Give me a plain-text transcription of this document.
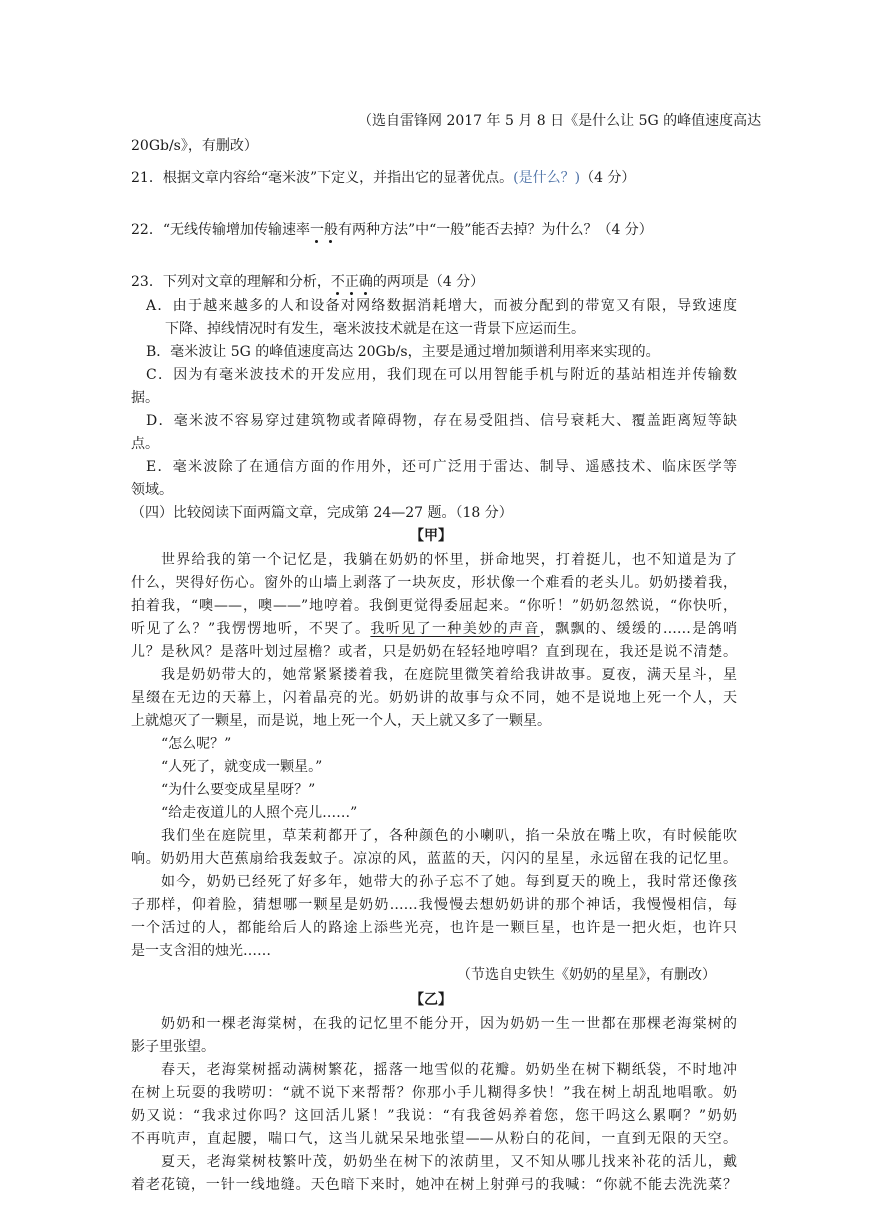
（选自雷锋网 2017 年 5 月 8 日《是什么让 5G 的峰值速度高达
20Gb/s》，有删改）
21．根据文章内容给“毫米波”下定义，并指出它的显著优点。(是什么？)（4 分）
22．“无线传输增加传输速率一般有两种方法”中“一般”能否去掉？为什么？（4 分）
23．下列对文章的理解和分析，不正确的两项是（4 分）
A．由于越来越多的人和设备对网络数据消耗增大，而被分配到的带宽又有限，导致速度
下降、掉线情况时有发生，毫米波技术就是在这一背景下应运而生。
B．毫米波让 5G 的峰值速度高达 20Gb/s，主要是通过增加频谱利用率来实现的。
C．因为有毫米波技术的开发应用，我们现在可以用智能手机与附近的基站相连并传输数
据。
D．毫米波不容易穿过建筑物或者障碍物，存在易受阻挡、信号衰耗大、覆盖距离短等缺
点。
E．毫米波除了在通信方面的作用外，还可广泛用于雷达、制导、遥感技术、临床医学等
领域。
（四）比较阅读下面两篇文章，完成第 24—27 题。（18 分）
【甲】
世界给我的第一个记忆是，我躺在奶奶的怀里，拼命地哭，打着挺儿，也不知道是为了
什么，哭得好伤心。窗外的山墙上剥落了一块灰皮，形状像一个难看的老头儿。奶奶搂着我，
拍着我，“噢——，噢——”地哼着。我倒更觉得委屈起来。“你听！”奶奶忽然说，“你快听，
听见了么？”我愣愣地听，不哭了。我听见了一种美妙的声音，飘飘的、缓缓的……是鸽哨
儿？是秋风？是落叶划过屋檐？或者，只是奶奶在轻轻地哼唱？直到现在，我还是说不清楚。
我是奶奶带大的，她常紧紧搂着我，在庭院里微笑着给我讲故事。夏夜，满天星斗，星
星缀在无边的天幕上，闪着晶亮的光。奶奶讲的故事与众不同，她不是说地上死一个人，天
上就熄灭了一颗星，而是说，地上死一个人，天上就又多了一颗星。
“怎么呢？”
“人死了，就变成一颗星。”
“为什么要变成星星呀？”
“给走夜道儿的人照个亮儿……”
我们坐在庭院里，草茉莉都开了，各种颜色的小喇叭，掐一朵放在嘴上吹，有时候能吹
响。奶奶用大芭蕉扇给我轰蚊子。凉凉的风，蓝蓝的天，闪闪的星星，永远留在我的记忆里。
如今，奶奶已经死了好多年，她带大的孙子忘不了她。每到夏天的晚上，我时常还像孩
子那样，仰着脸，猜想哪一颗星是奶奶……我慢慢去想奶奶讲的那个神话，我慢慢相信，每
一个活过的人，都能给后人的路途上添些光亮，也许是一颗巨星，也许是一把火炬，也许只
是一支含泪的烛光……
（节选自史铁生《奶奶的星星》，有删改）
【乙】
奶奶和一棵老海棠树，在我的记忆里不能分开，因为奶奶一生一世都在那棵老海棠树的
影子里张望。
春天，老海棠树摇动满树繁花，摇落一地雪似的花瓣。奶奶坐在树下糊纸袋，不时地冲
在树上玩耍的我唠叨：“就不说下来帮帮？你那小手儿糊得多快！”我在树上胡乱地唱歌。奶
奶又说：“我求过你吗？这回活儿紧！”我说：“有我爸妈养着您，您干吗这么累啊？”奶奶
不再吭声，直起腰，喘口气，这当儿就呆呆地张望——从粉白的花间，一直到无限的天空。
夏天，老海棠树枝繁叶茂，奶奶坐在树下的浓荫里，又不知从哪儿找来补花的活儿，戴
着老花镜，一针一线地缝。天色暗下来时，她冲在树上射弹弓的我喊：“你就不能去洗洗菜？
